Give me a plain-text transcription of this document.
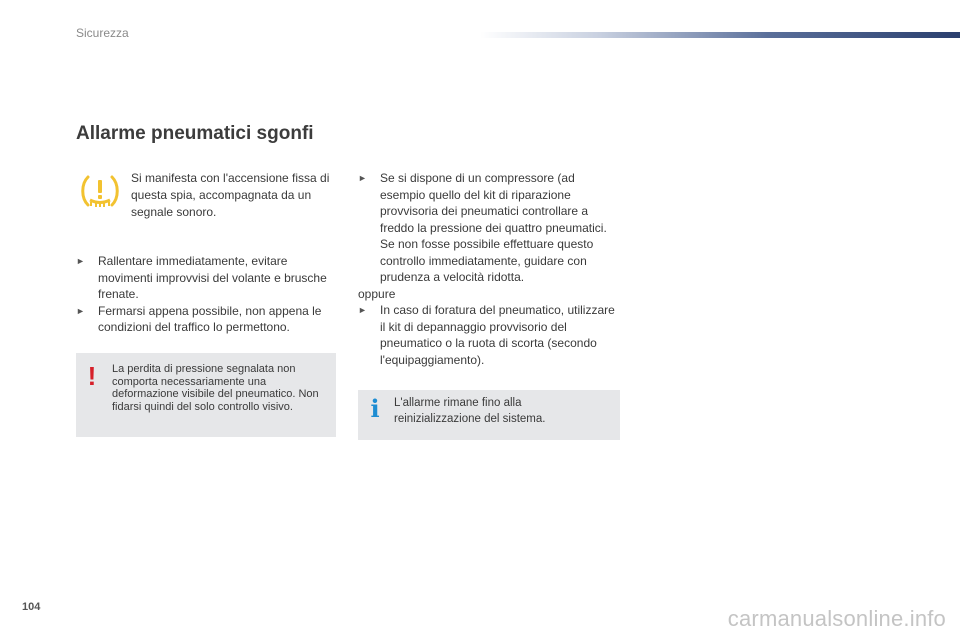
Sicurezza
Allarme pneumatici sgonfi

Si manifesta con l'accensione fissa di questa spia, accompagnata da un segnale sonoro.

► Rallentare immediatamente, evitare movimenti improvvisi del volante e brusche frenate.
► Fermarsi appena possibile, non appena le condizioni del traffico lo permettono.
! La perdita di pressione segnalata non comporta necessariamente una deformazione visibile del pneumatico. Non fidarsi quindi del solo controllo visivo.

► Se si dispone di un compressore (ad esempio quello del kit di riparazione provvisoria dei pneumatici controllare a freddo la pressione dei quattro pneumatici. Se non fosse possibile effettuare questo controllo immediatamente, guidare con prudenza a velocità ridotta.

oppure

► In caso di foratura del pneumatico, utilizzare il kit di depannaggio provvisorio del pneumatico o la ruota di scorta (secondo l'equipaggiamento).
i L'allarme rimane fino alla reinizializzazione del sistema.

104	carmanualsonline.info
